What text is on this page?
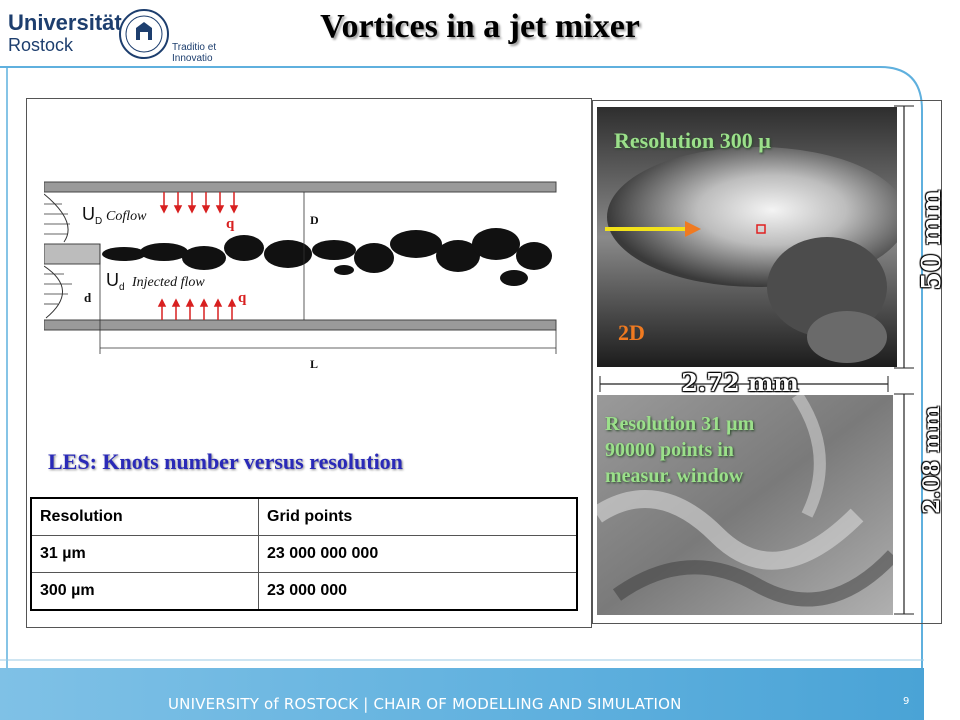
Universität
Rostock	Traditio et Innovatio
Vortices in a jet mixer
$U_D$ Coflow	q	D
$U_d$ Injected flow
q
d
L
LES: Knots number versus resolution
Resolution	Grid points
31 µm	23 000 000 000
300 µm	23 000 000
Resolution 300 µ
2D
Resolution 31 µm
90000 points in
measur. window
50 mm
2.72 mm
2.08 mm
UNIVERSITY of ROSTOCK | CHAIR OF MODELLING AND SIMULATION	9
